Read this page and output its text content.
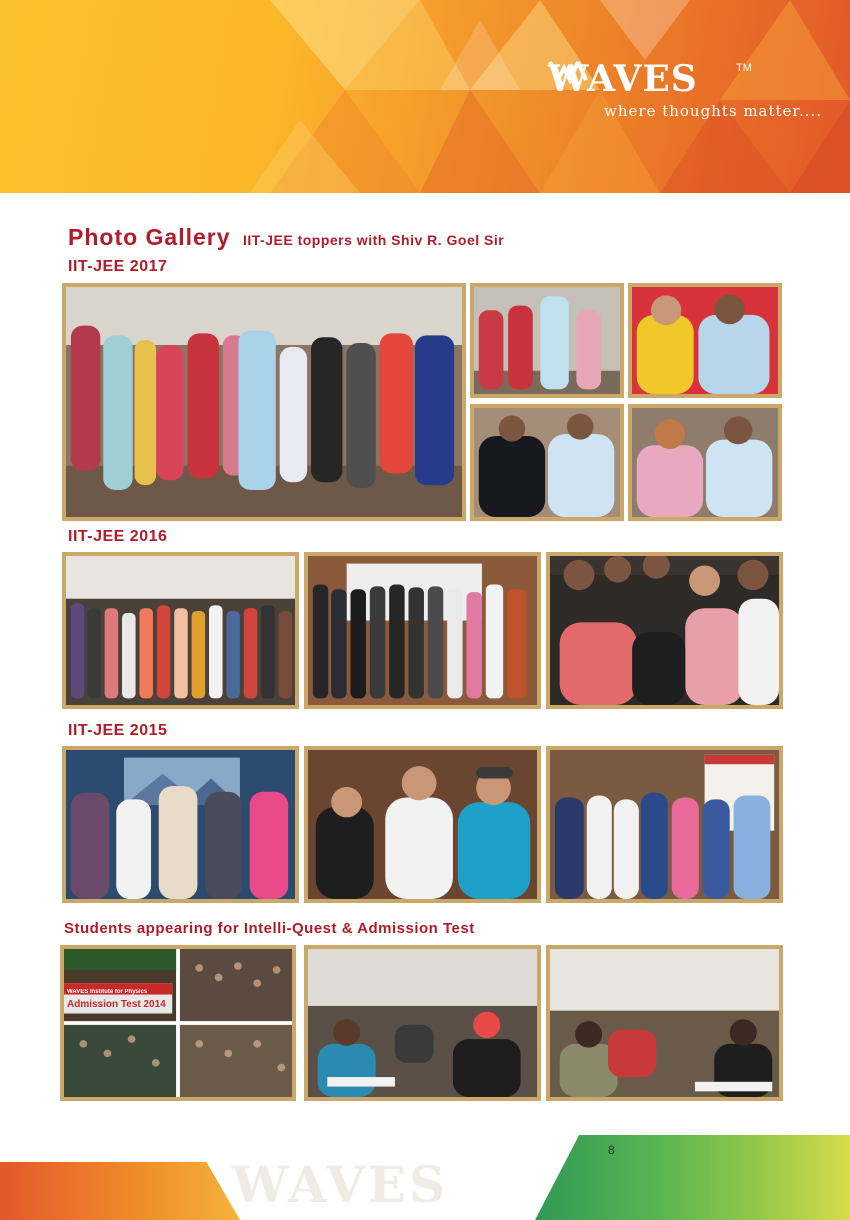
WAVES	TM
where thoughts matter....
Photo Gallery IIT-JEE toppers with Shiv R. Goel Sir
IIT-JEE 2017
IIT-JEE 2016
IIT-JEE 2015
Students appearing for Intelli-Quest & Admission Test
WAVES Institute for Physics
Admission Test 2014
WAVES
8
